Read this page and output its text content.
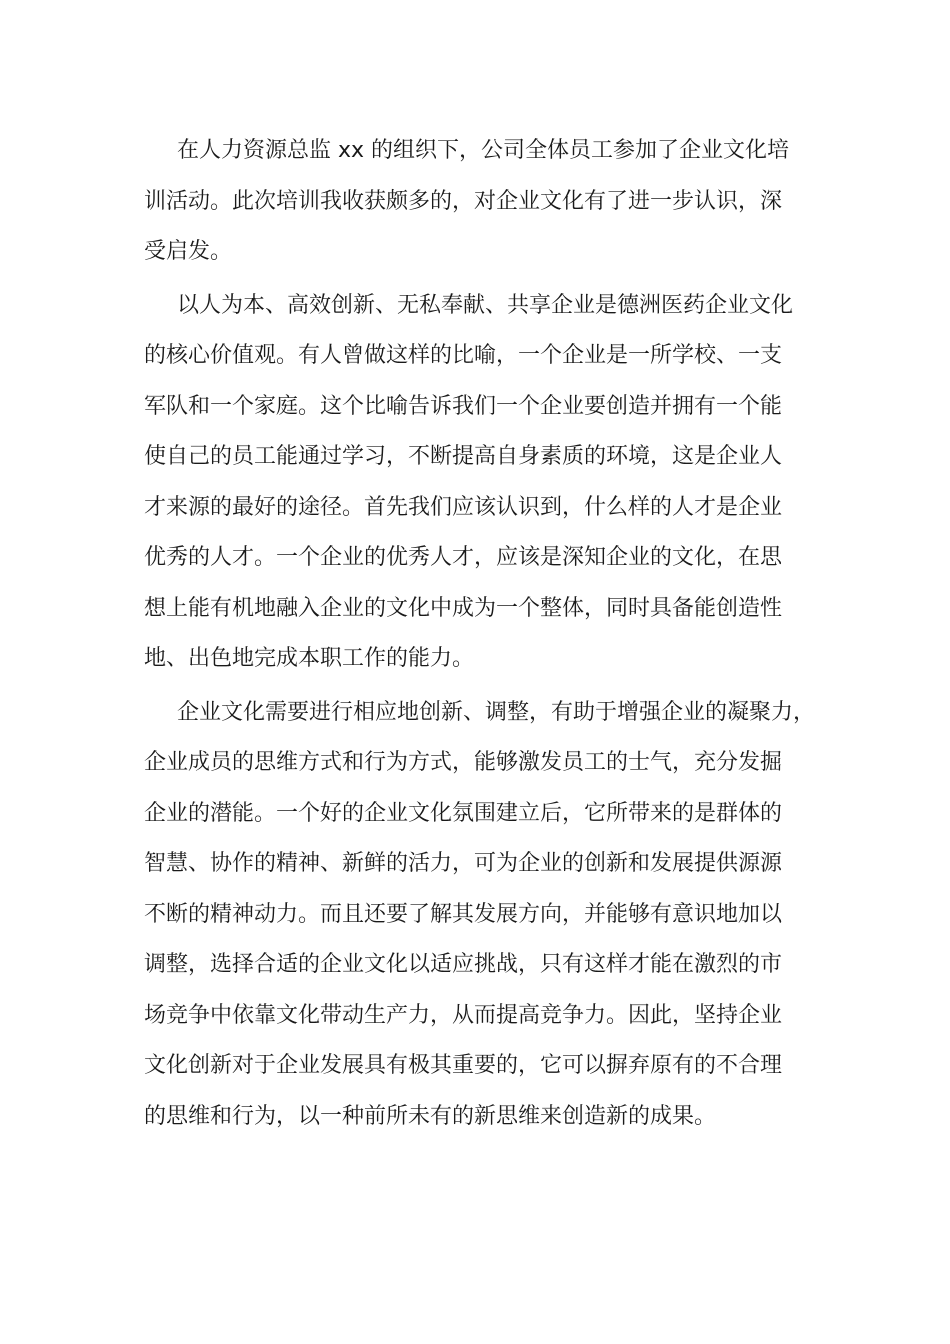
在人力资源总监 xx 的组织下，公司全体员工参加了企业文化培
训活动。此次培训我收获颇多的，对企业文化有了进一步认识，深
受启发。
以人为本、高效创新、无私奉献、共享企业是德洲医药企业文化
的核心价值观。有人曾做这样的比喻，一个企业是一所学校、一支
军队和一个家庭。这个比喻告诉我们一个企业要创造并拥有一个能
使自己的员工能通过学习，不断提高自身素质的环境，这是企业人
才来源的最好的途径。首先我们应该认识到，什么样的人才是企业
优秀的人才。一个企业的优秀人才，应该是深知企业的文化，在思
想上能有机地融入企业的文化中成为一个整体，同时具备能创造性
地、出色地完成本职工作的能力。
企业文化需要进行相应地创新、调整，有助于增强企业的凝聚力，
企业成员的思维方式和行为方式，能够激发员工的士气，充分发掘
企业的潜能。一个好的企业文化氛围建立后，它所带来的是群体的
智慧、协作的精神、新鲜的活力，可为企业的创新和发展提供源源
不断的精神动力。而且还要了解其发展方向，并能够有意识地加以
调整，选择合适的企业文化以适应挑战，只有这样才能在激烈的市
场竞争中依靠文化带动生产力，从而提高竞争力。因此，坚持企业
文化创新对于企业发展具有极其重要的，它可以摒弃原有的不合理
的思维和行为，以一种前所未有的新思维来创造新的成果。
